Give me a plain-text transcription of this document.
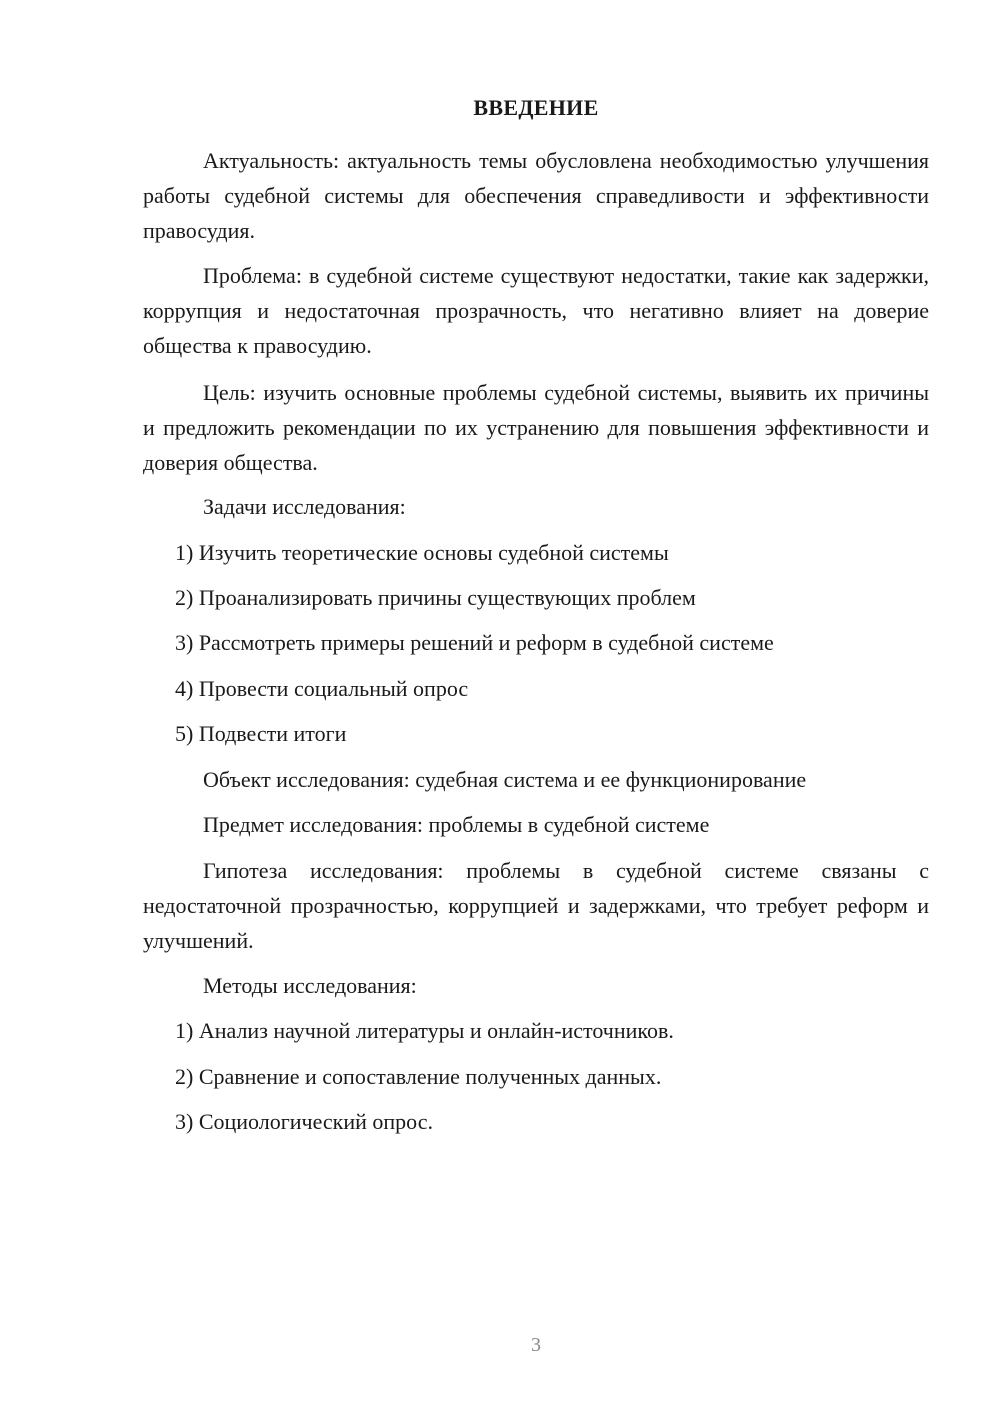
ВВЕДЕНИЕ
Актуальность: актуальность темы обусловлена необходимостью улучшения работы судебной системы для обеспечения справедливости и эффективности правосудия.
Проблема: в судебной системе существуют недостатки, такие как задержки, коррупция и недостаточная прозрачность, что негативно влияет на доверие общества к правосудию.
Цель: изучить основные проблемы судебной системы, выявить их причины и предложить рекомендации по их устранению для повышения эффективности и доверия общества.
Задачи исследования:
1) Изучить теоретические основы судебной системы
2) Проанализировать причины существующих проблем
3) Рассмотреть примеры решений и реформ в судебной системе
4) Провести социальный опрос
5) Подвести итоги
Объект исследования: судебная система и ее функционирование
Предмет исследования: проблемы в судебной системе
Гипотеза исследования: проблемы в судебной системе связаны с недостаточной прозрачностью, коррупцией и задержками, что требует реформ и улучшений.
Методы исследования:
1) Анализ научной литературы и онлайн-источников.
2) Сравнение и сопоставление полученных данных.
3) Социологический опрос.
3
